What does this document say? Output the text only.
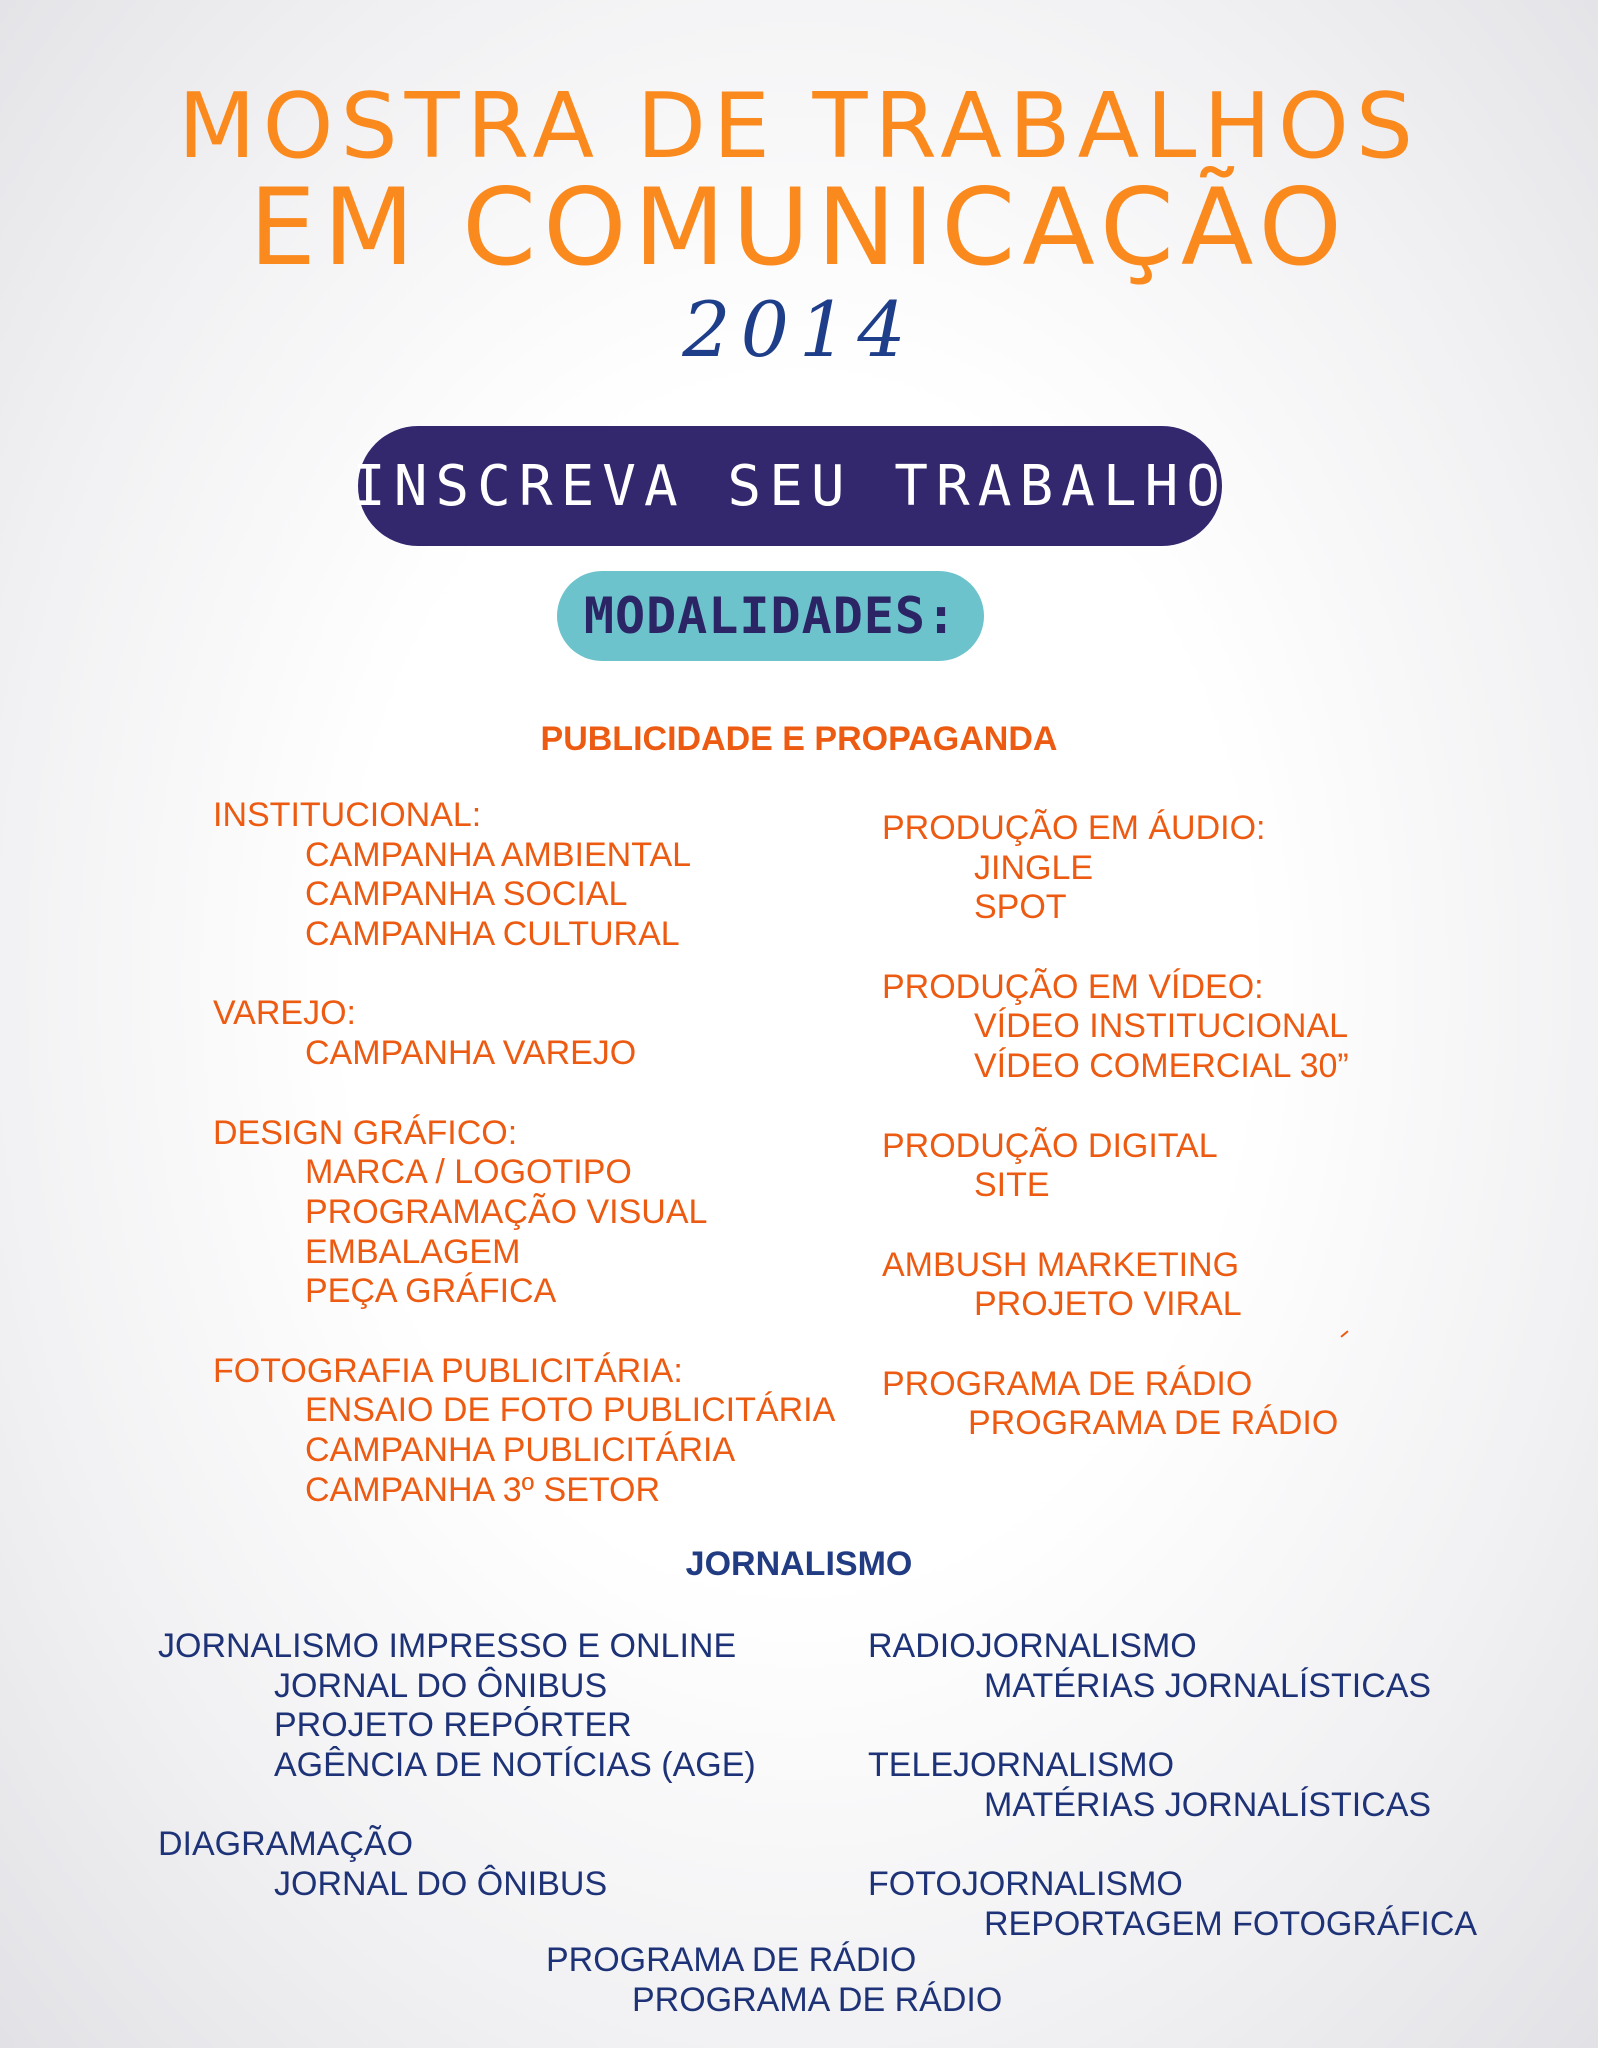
MOSTRA DE TRABALHOS
EM COMUNICAÇÃO
2014
INSCREVA SEU TRABALHO
MODALIDADES:
PUBLICIDADE E PROPAGANDA
INSTITUCIONAL:
CAMPANHA AMBIENTAL
CAMPANHA SOCIAL
CAMPANHA CULTURAL
VAREJO:
CAMPANHA VAREJO
DESIGN GRÁFICO:
MARCA / LOGOTIPO
PROGRAMAÇÃO VISUAL
EMBALAGEM
PEÇA GRÁFICA
FOTOGRAFIA PUBLICITÁRIA:
ENSAIO DE FOTO PUBLICITÁRIA
CAMPANHA PUBLICITÁRIA
CAMPANHA 3º SETOR
PRODUÇÃO EM ÁUDIO:
JINGLE
SPOT
PRODUÇÃO EM VÍDEO:
VÍDEO INSTITUCIONAL
VÍDEO COMERCIAL 30”
PRODUÇÃO DIGITAL
SITE
AMBUSH MARKETING
PROJETO VIRAL
PROGRAMA DE RÁDIO
PROGRAMA DE RÁDIO
JORNALISMO
JORNALISMO IMPRESSO E ONLINE
JORNAL DO ÔNIBUS
PROJETO REPÓRTER
AGÊNCIA DE NOTÍCIAS (AGE)
DIAGRAMAÇÃO
JORNAL DO ÔNIBUS
RADIOJORNALISMO
MATÉRIAS JORNALÍSTICAS
TELEJORNALISMO
MATÉRIAS JORNALÍSTICAS
FOTOJORNALISMO
REPORTAGEM FOTOGRÁFICA
PROGRAMA DE RÁDIO
PROGRAMA DE RÁDIO
